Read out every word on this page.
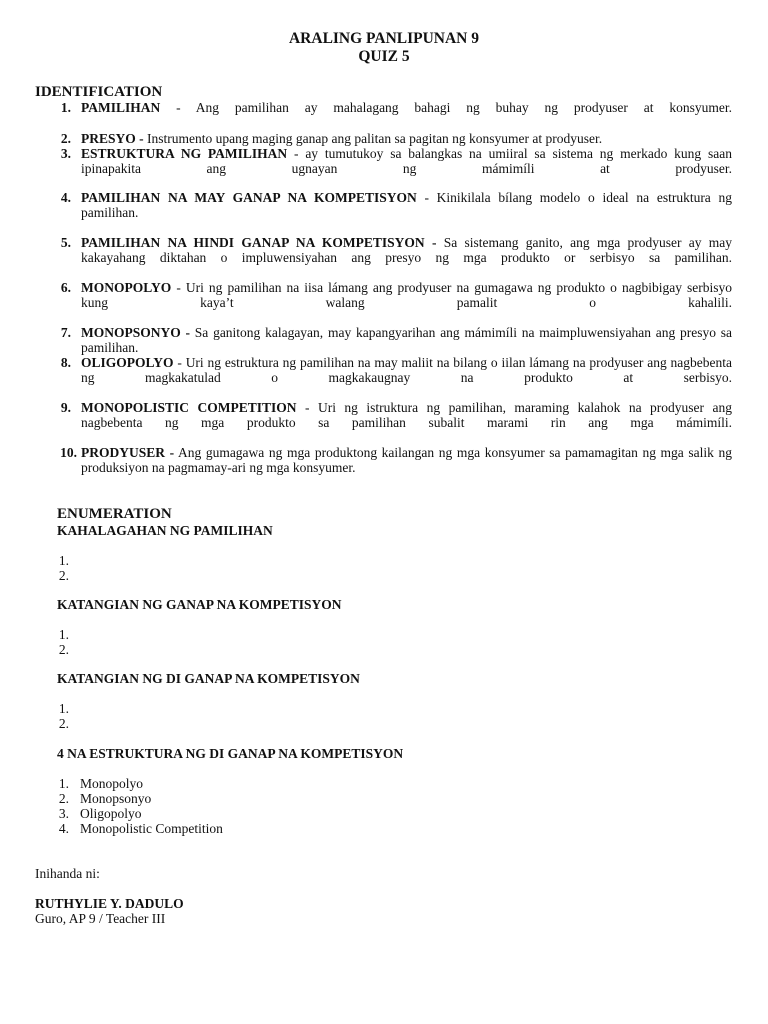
ARALING PANLIPUNAN 9
QUIZ 5
IDENTIFICATION
1. PAMILIHAN - Ang pamilihan ay mahalagang bahagi ng buhay ng prodyuser at konsyumer.
2. PRESYO - Instrumento upang maging ganap ang palitan sa pagitan ng konsyumer at prodyuser.
3. ESTRUKTURA NG PAMILIHAN - ay tumutukoy sa balangkas na umiiral sa sistema ng merkado kung saan ipinapakita ang ugnayan ng mámimíli at prodyuser.
4. PAMILIHAN NA MAY GANAP NA KOMPETISYON - Kinikilala bílang modelo o ideal na estruktura ng pamilihan.
5. PAMILIHAN NA HINDI GANAP NA KOMPETISYON - Sa sistemang ganito, ang mga prodyuser ay may kakayahang diktahan o impluwensiyahan ang presyo ng mga produkto or serbisyo sa pamilihan.
6. MONOPOLYO - Uri ng pamilihan na iisa lámang ang prodyuser na gumagawa ng produkto o nagbibigay serbisyo kung kaya’t walang pamalit o kahalili.
7. MONOPSONYO - Sa ganitong kalagayan, may kapangyarihan ang mámimíli na maimpluwensiyahan ang presyo sa pamilihan.
8. OLIGOPOLYO - Uri ng estruktura ng pamilihan na may maliit na bilang o iilan lámang na prodyuser ang nagbebenta ng magkakatulad o magkakaugnay na produkto at serbisyo.
9. MONOPOLISTIC COMPETITION - Uri ng istruktura ng pamilihan, maraming kalahok na prodyuser ang nagbebenta ng mga produkto sa pamilihan subalit marami rin ang mga mámimíli.
10. PRODYUSER - Ang gumagawa ng mga produktong kailangan ng mga konsyumer sa pamamagitan ng mga salik ng produksiyon na pagmamay-ari ng mga konsyumer.
ENUMERATION
KAHALAGAHAN NG PAMILIHAN
1.
2.
KATANGIAN NG GANAP NA KOMPETISYON
1.
2.
KATANGIAN NG DI GANAP NA KOMPETISYON
1.
2.
4 NA ESTRUKTURA NG DI GANAP NA KOMPETISYON
1. Monopolyo
2. Monopsonyo
3. Oligopolyo
4. Monopolistic Competition
Inihanda ni:
RUTHYLIE Y. DADULO
Guro, AP 9 / Teacher III
